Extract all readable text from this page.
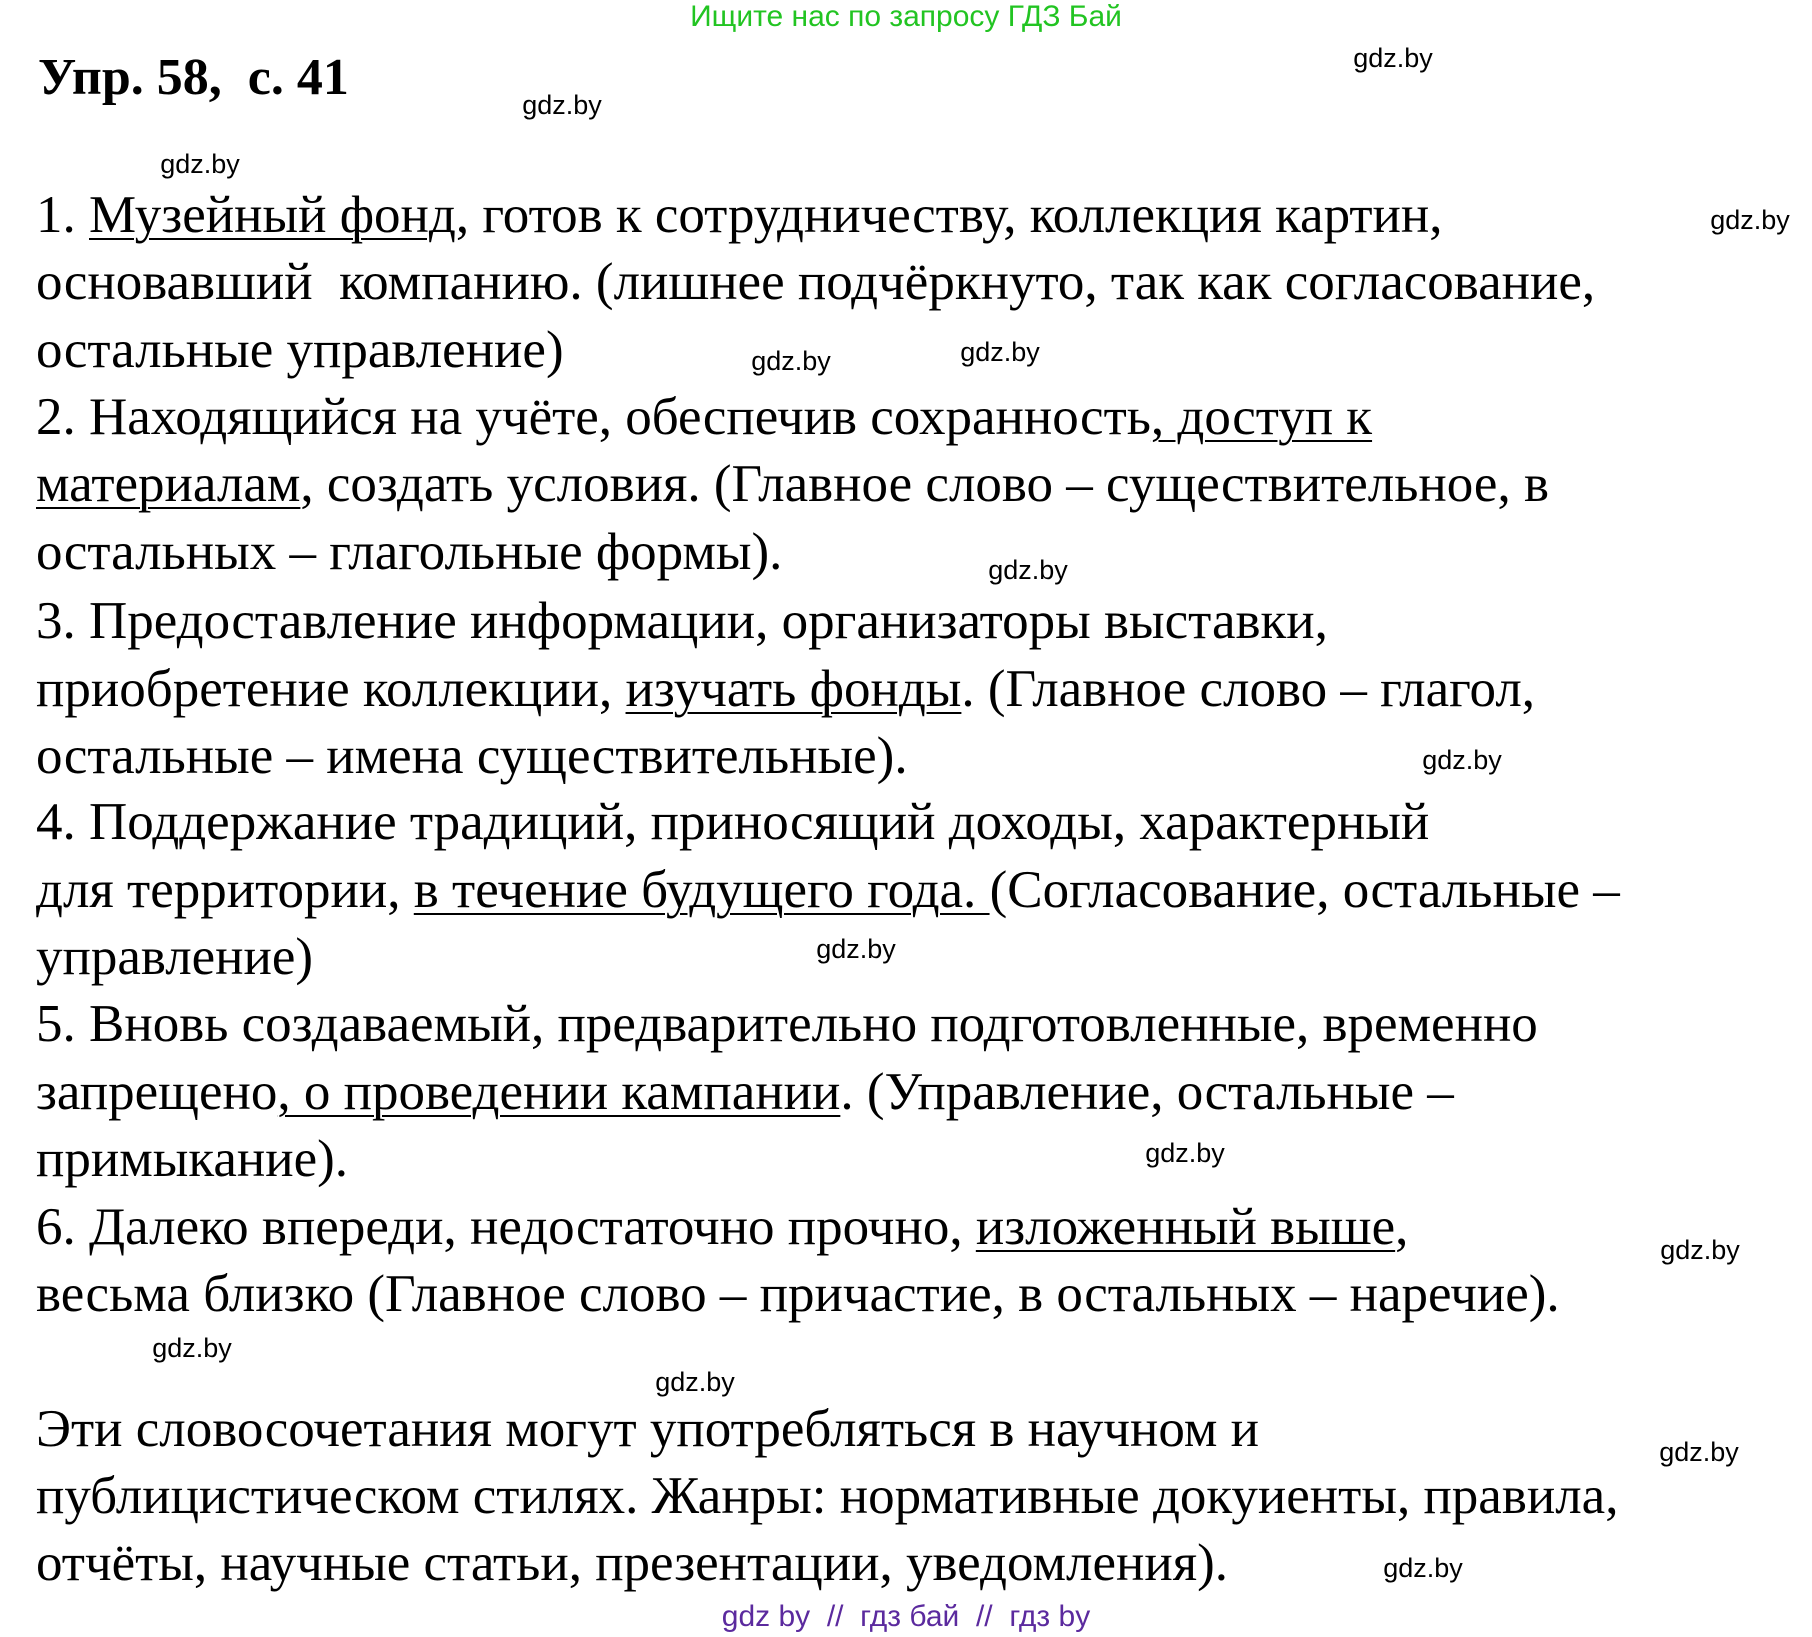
Ищите нас по запросу ГДЗ Бай
Упр. 58,  с. 41
1. Музейный фонд, готов к сотрудничеству, коллекция картин,
основавший  компанию. (лишнее подчёркнуто, так как согласование,
остальные управление)
2. Находящийся на учёте, обеспечив сохранность, доступ к
материалам, создать условия. (Главное слово – существительное, в
остальных – глагольные формы).
3. Предоставление информации, организаторы выставки,
приобретение коллекции, изучать фонды. (Главное слово – глагол,
остальные – имена существительные).
4. Поддержание традиций, приносящий доходы, характерный
для территории, в течение будущего года. (Согласование, остальные –
управление)
5. Вновь создаваемый, предварительно подготовленные, временно
запрещено, о проведении кампании. (Управление, остальные –
примыкание).
6. Далеко впереди, недостаточно прочно, изложенный выше,
весьма близко (Главное слово – причастие, в остальных – наречие).
Эти словосочетания могут употребляться в научном и
публицистическом стилях. Жанры: нормативные докуиенты, правила,
отчёты, научные статьи, презентации, уведомления).
gdz.by
gdz.by
gdz.by
gdz.by
gdz.by
gdz.by
gdz.by
gdz.by
gdz.by
gdz.by
gdz.by
gdz.by
gdz.by
gdz.by
gdz.by
gdz by  //  гдз бай  //  гдз by
